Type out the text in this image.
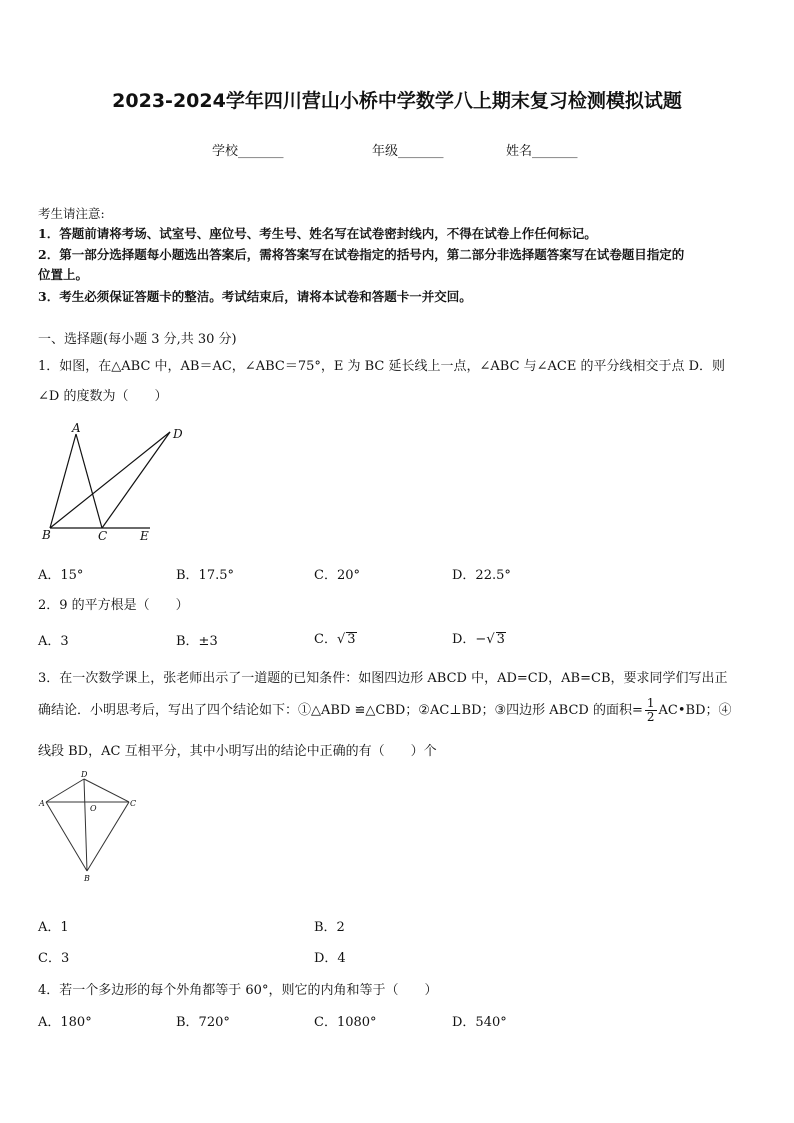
2023-2024学年四川营山小桥中学数学八上期末复习检测模拟试题
学校_______	年级_______	姓名_______
考生请注意:
1．答题前请将考场、试室号、座位号、考生号、姓名写在试卷密封线内，不得在试卷上作任何标记。
2．第一部分选择题每小题选出答案后，需将答案写在试卷指定的括号内，第二部分非选择题答案写在试卷题目指定的
位置上。
3．考生必须保证答题卡的整洁。考试结束后，请将本试卷和答题卡一并交回。
一、选择题(每小题 3 分,共 30 分)
1．如图，在△ABC 中，AB＝AC，∠ABC＝75°，E 为 BC 延长线上一点，∠ABC 与∠ACE 的平分线相交于点 D．则
∠D 的度数为（　　）
A
B	C
D
E
A．15°	B．17.5°	C．20°	D．22.5°
2．9 的平方根是（　　）
A．3	B．±3	C．√ 3	D．−√ 3
3．在一次数学课上，张老师出示了一道题的已知条件：如图四边形 ABCD 中，AD=CD，AB=CB，要求同学们写出正
确结论．小明思考后，写出了四个结论如下：①△ABD ≌△CBD；②AC⊥BD；③四边形 ABCD 的面积= $\frac{1}{2}$ AC•BD；④
线段 BD，AC 互相平分，其中小明写出的结论中正确的有（　　）个
A
D
C
O
B
A．1	B．2
C．3	D．4
4．若一个多边形的每个外角都等于 60°，则它的内角和等于（　　）
A．180°	B．720°	C．1080°	D．540°
